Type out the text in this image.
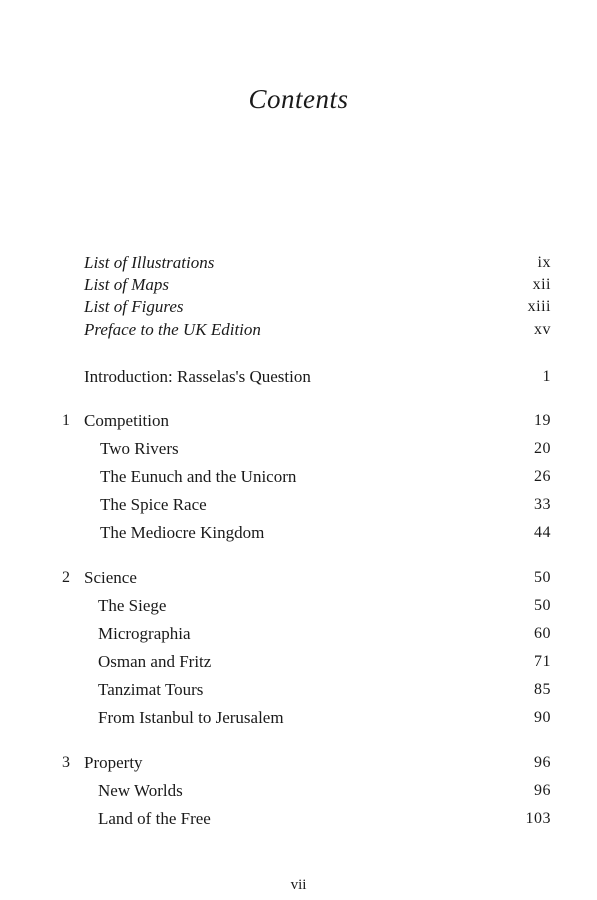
Contents
List of Illustrations	ix
List of Maps	xii
List of Figures	xiii
Preface to the UK Edition	xv
Introduction: Rasselas's Question	1
1 Competition	19
Two Rivers	20
The Eunuch and the Unicorn	26
The Spice Race	33
The Mediocre Kingdom	44
2 Science	50
The Siege	50
Micrographia	60
Osman and Fritz	71
Tanzimat Tours	85
From Istanbul to Jerusalem	90
3 Property	96
New Worlds	96
Land of the Free	103
vii
